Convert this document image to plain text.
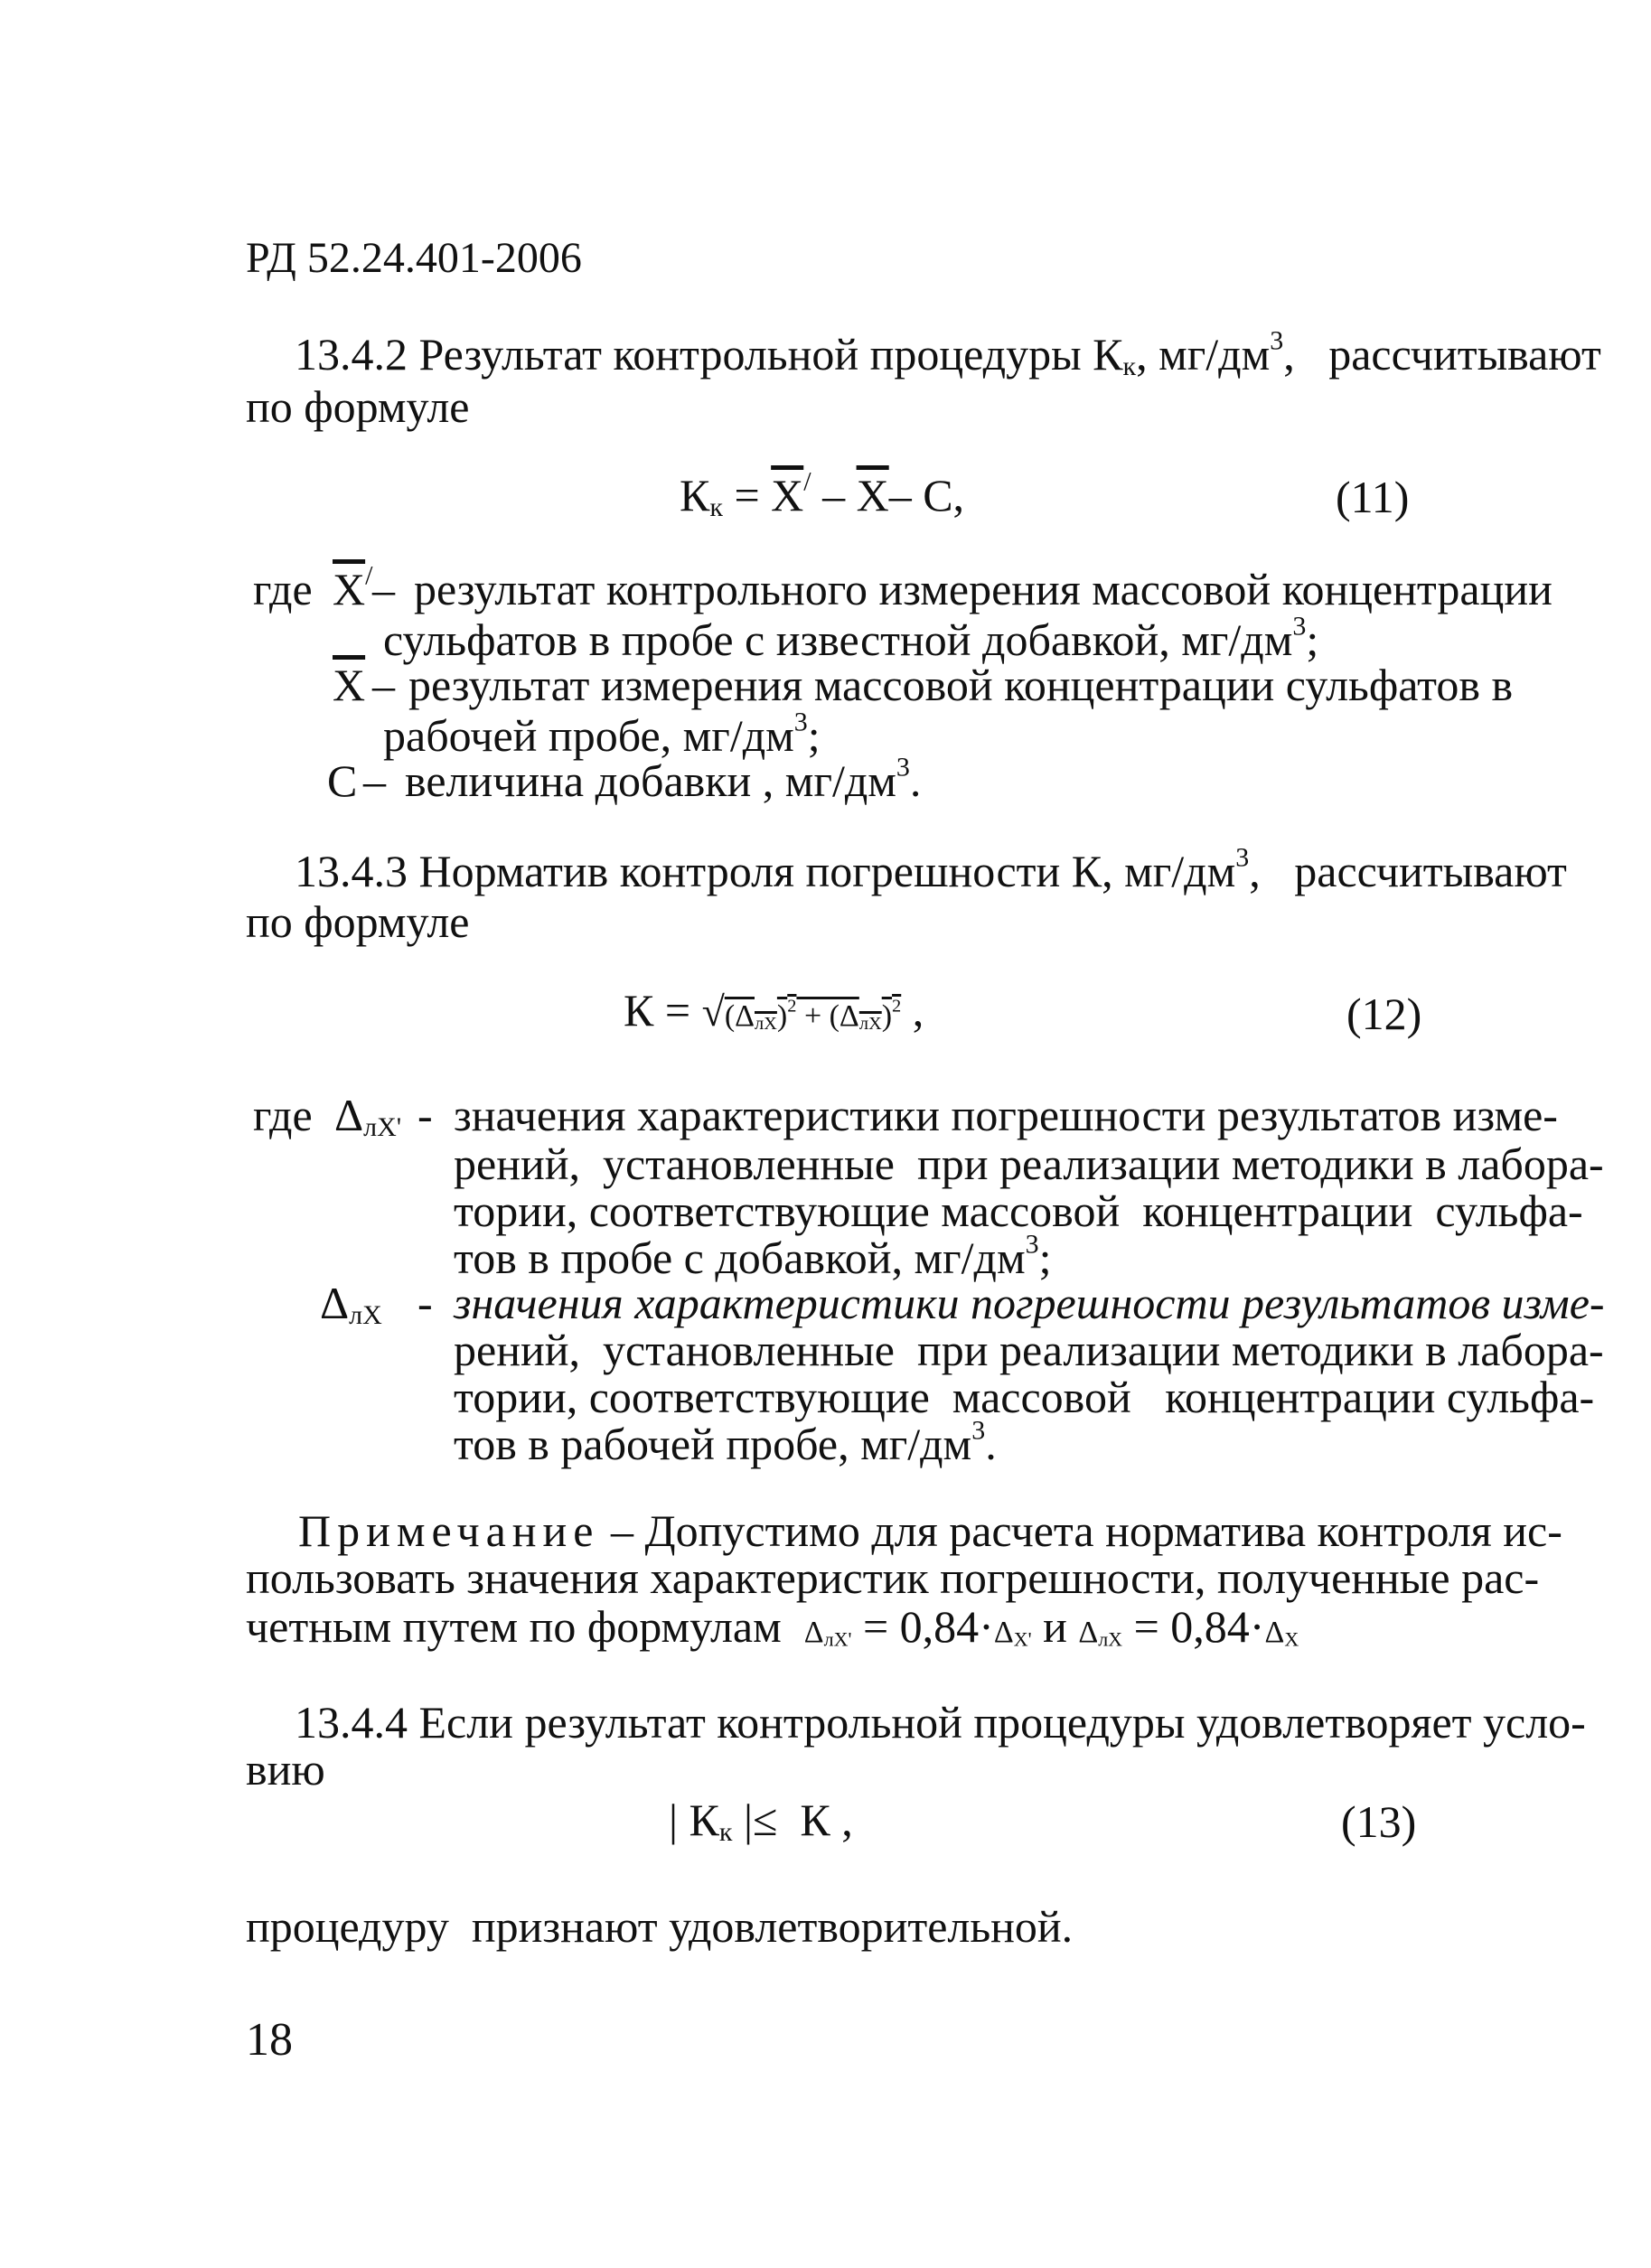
РД 52.24.401-2006
13.4.2 Результат контрольной процедуры $К_к$, $мг/дм^3$,   рассчитывают
по формуле
$К_к = \overline{X}^/ - \overline{X}-$ С,	(11)
где $\overline{X}^/$ – результат контрольного измерения массовой концентрации
сульфатов в пробе с известной добавкой, $мг/дм^3$;
$\overline{X}$ – результат измерения массовой концентрации сульфатов в
рабочей пробе, $мг/дм^3$;
С – величина добавки , $мг/дм^3$.
13.4.3 Норматив контроля погрешности К, $мг/дм^3$,   рассчитывают
по формуле
$К = √(\Delta_{лХ})^2 + (\Delta_{лХ})^2$ ,	(12)
где $\Delta_{лХ'}$ - значения характеристики погрешности результатов изме-
рений,  установленные  при реализации методики в лабора-
тории, соответствующие массовой  концентрации  сульфа-
тов в пробе с добавкой, $мг/дм^3$;
$\Delta_{лХ}$ - значения характеристики погрешности результатов изме-
рений,  установленные  при реализации методики в лабора-
тории, соответствующие  массовой   концентрации сульфа-
тов в рабочей пробе, $мг/дм^3$.
Примечание – Допустимо для расчета норматива контроля ис-
пользовать значения характеристик погрешности, полученные рас-
четным путем по формулам  $\Delta_{лХ'} = 0,84\cdot\Delta_{Х'}$ и $\Delta_{лХ} = 0,84\cdot\Delta_Х$
13.4.4 Если результат контрольной процедуры удовлетворяет усло-
вию
| $К_к$ |≤  К ,	(13)
процедуру  признают удовлетворительной.
18
